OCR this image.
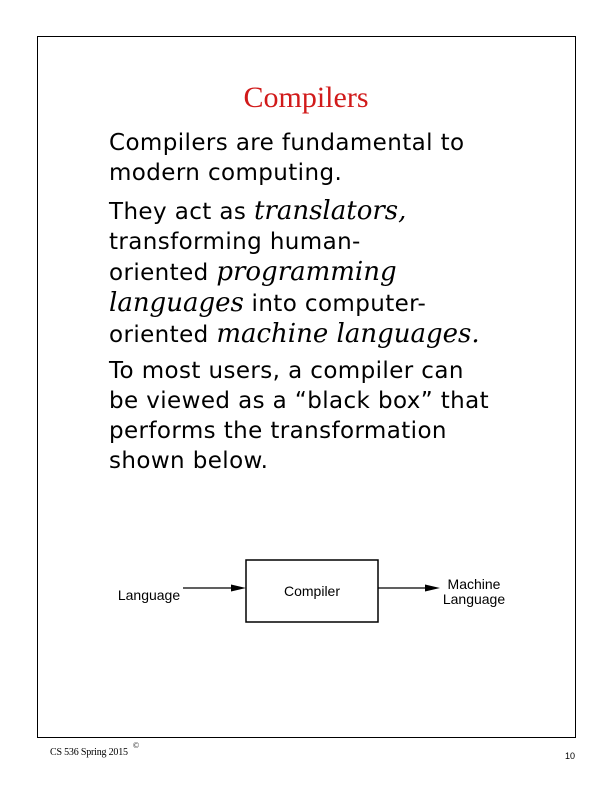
Compilers

Compilers are fundamental to
modern computing.

They act as translators,
transforming human-
oriented programming
languages into computer-
oriented machine languages.

To most users, a compiler can
be viewed as a “black box” that
performs the transformation
shown below.

Language	Compiler	Machine
Language
CS 536 Spring 2015
©
10
